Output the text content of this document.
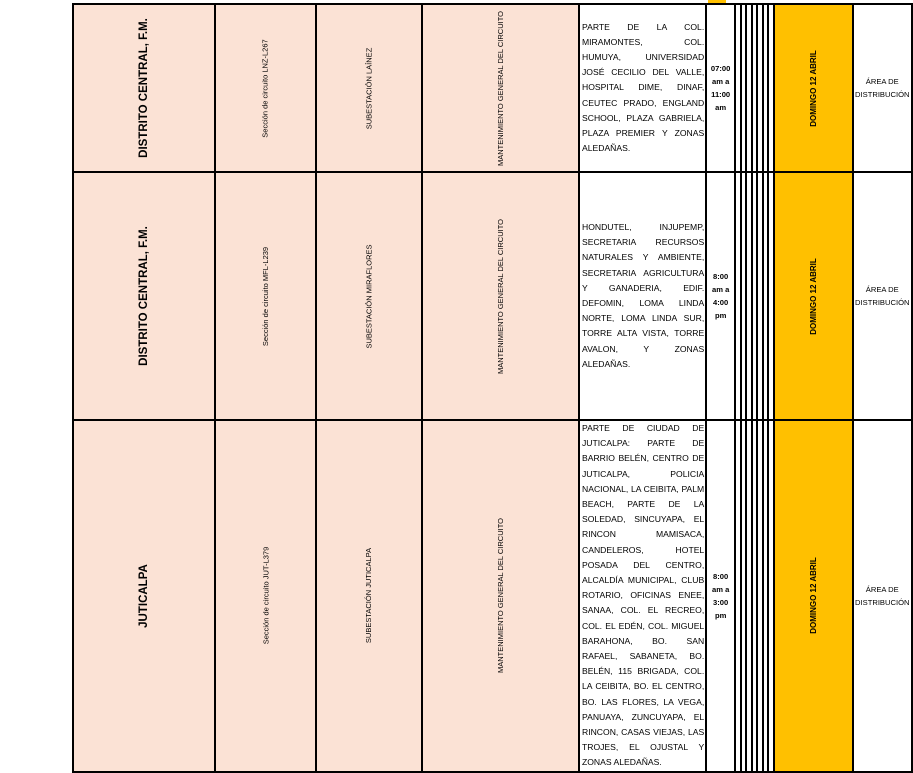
DISTRITO CENTRAL, F.M.	Sección de circuito LNZ-L267	SUBESTACIÓN LAÍNEZ	MANTENIMIENTO GENERAL DEL CIRCUITO	PARTE DE LA COL. MIRAMONTES, COL. HUMUYA, UNIVERSIDAD JOSÉ CECILIO DEL VALLE, HOSPITAL DIME, DINAF, CEUTEC PRADO, ENGLAND SCHOOL, PLAZA GABRIELA, PLAZA PREMIER Y ZONAS ALEDAÑAS.	07:00 am a 11:00 am								DOMINGO 12 ABRIL	ÁREA DE DISTRIBUCIÓN

DISTRITO CENTRAL, F.M.	Sección de circuito MFL-L239	SUBESTACIÓN MIRAFLORES	MANTENIMIENTO GENERAL DEL CIRCUITO	HONDUTEL, INJUPEMP, SECRETARIA RECURSOS NATURALES Y AMBIENTE, SECRETARIA AGRICULTURA Y GANADERIA, EDIF. DEFOMIN, LOMA LINDA NORTE, LOMA LINDA SUR, TORRE ALTA VISTA, TORRE AVALON, Y ZONAS ALEDAÑAS.	8:00 am a 4:00 pm								DOMINGO 12 ABRIL	ÁREA DE DISTRIBUCIÓN

JUTICALPA	Sección de circuito JUT-L379	SUBESTACIÓN JUTICALPA	MANTENIMIENTO GENERAL DEL CIRCUITO	PARTE DE CIUDAD DE JUTICALPA: PARTE DE BARRIO BELÉN, CENTRO DE JUTICALPA, POLICIA NACIONAL, LA CEIBITA, PALM BEACH, PARTE DE LA SOLEDAD, SINCUYAPA, EL RINCON MAMISACA, CANDELEROS, HOTEL POSADA DEL CENTRO, ALCALDÍA MUNICIPAL, CLUB ROTARIO, OFICINAS ENEE, SANAA, COL. EL RECREO, COL. EL EDÉN, COL. MIGUEL BARAHONA, BO. SAN RAFAEL, SABANETA, BO. BELÉN, 115 BRIGADA, COL. LA CEIBITA, BO. EL CENTRO, BO. LAS FLORES, LA VEGA, PANUAYA, ZUNCUYAPA, EL RINCON, CASAS VIEJAS, LAS TROJES, EL OJUSTAL Y ZONAS ALEDAÑAS.	8:00 am a 3:00 pm								DOMINGO 12 ABRIL	ÁREA DE DISTRIBUCIÓN
